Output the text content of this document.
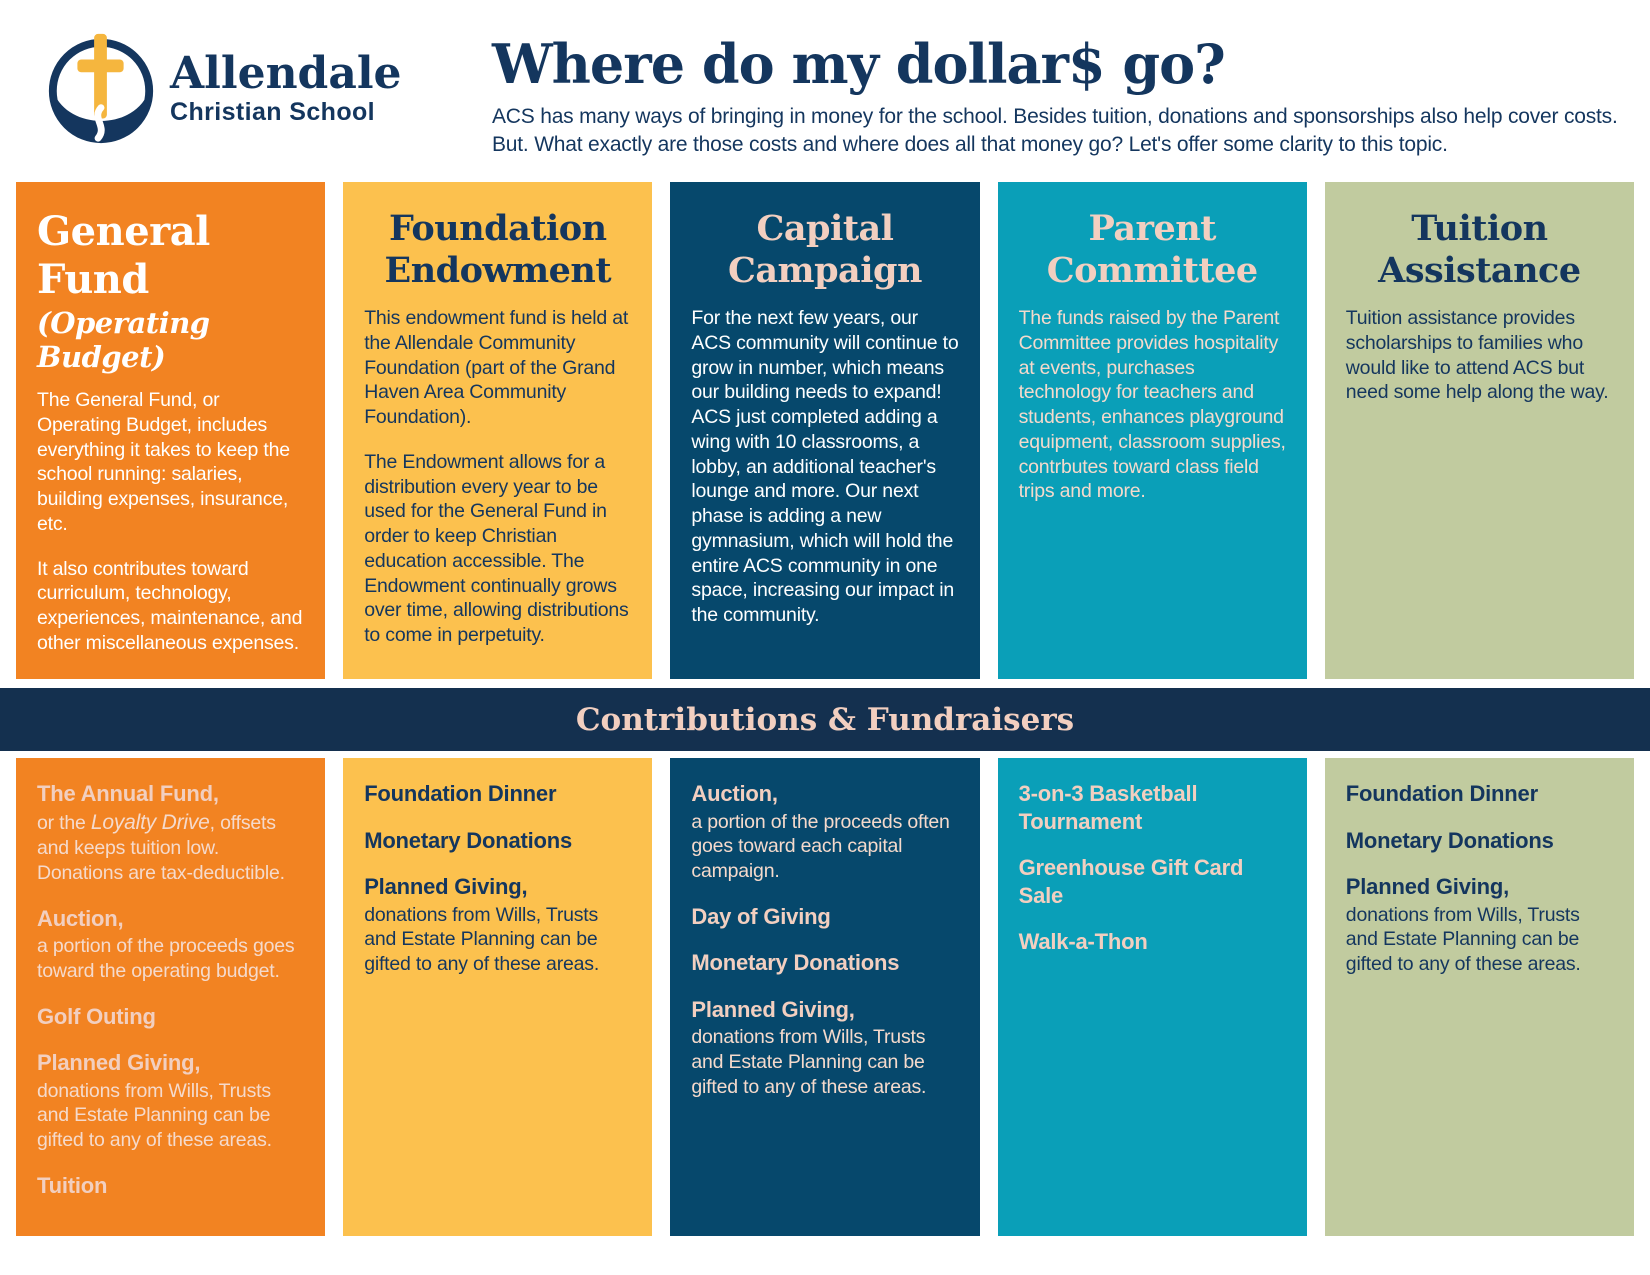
Allendale
Christian School
Where do my dollar$ go?

ACS has many ways of bringing in money for the school. Besides tuition, donations and sponsorships also help cover costs. But. What exactly are those costs and where does all that money go? Let's offer some clarity to this topic.

General Fund
(Operating Budget)

The General Fund, or Operating Budget, includes everything it takes to keep the school running: salaries, building expenses, insurance, etc.

It also contributes toward curriculum, technology, experiences, maintenance, and other miscellaneous expenses.

Foundation Endowment

This endowment fund is held at the Allendale Community Foundation (part of the Grand Haven Area Community Foundation).

The Endowment allows for a distribution every year to be used for the General Fund in order to keep Christian education accessible. The Endowment continually grows over time, allowing distributions to come in perpetuity.

Capital Campaign

For the next few years, our ACS community will continue to grow in number, which means our building needs to expand! ACS just completed adding a wing with 10 classrooms, a lobby, an additional teacher's lounge and more. Our next phase is adding a new gymnasium, which will hold the entire ACS community in one space, increasing our impact in the community.

Parent Committee

The funds raised by the Parent Committee provides hospitality at events, purchases technology for teachers and students, enhances playground equipment, classroom supplies, contrbutes toward class field trips and more.

Tuition Assistance

Tuition assistance provides scholarships to families who would like to attend ACS but need some help along the way.

Contributions & Fundraisers
The Annual Fund,
or the Loyalty Drive, offsets and keeps tuition low. Donations are tax-deductible.
Auction,
a portion of the proceeds goes toward the operating budget.
Golf Outing
Planned Giving,
donations from Wills, Trusts and Estate Planning can be gifted to any of these areas.
Tuition
Foundation Dinner
Monetary Donations
Planned Giving,
donations from Wills, Trusts and Estate Planning can be gifted to any of these areas.
Auction,
a portion of the proceeds often goes toward each capital campaign.
Day of Giving
Monetary Donations
Planned Giving,
donations from Wills, Trusts and Estate Planning can be gifted to any of these areas.
3-on-3 Basketball Tournament
Greenhouse Gift Card Sale
Walk-a-Thon
Foundation Dinner
Monetary Donations
Planned Giving,
donations from Wills, Trusts and Estate Planning can be gifted to any of these areas.
